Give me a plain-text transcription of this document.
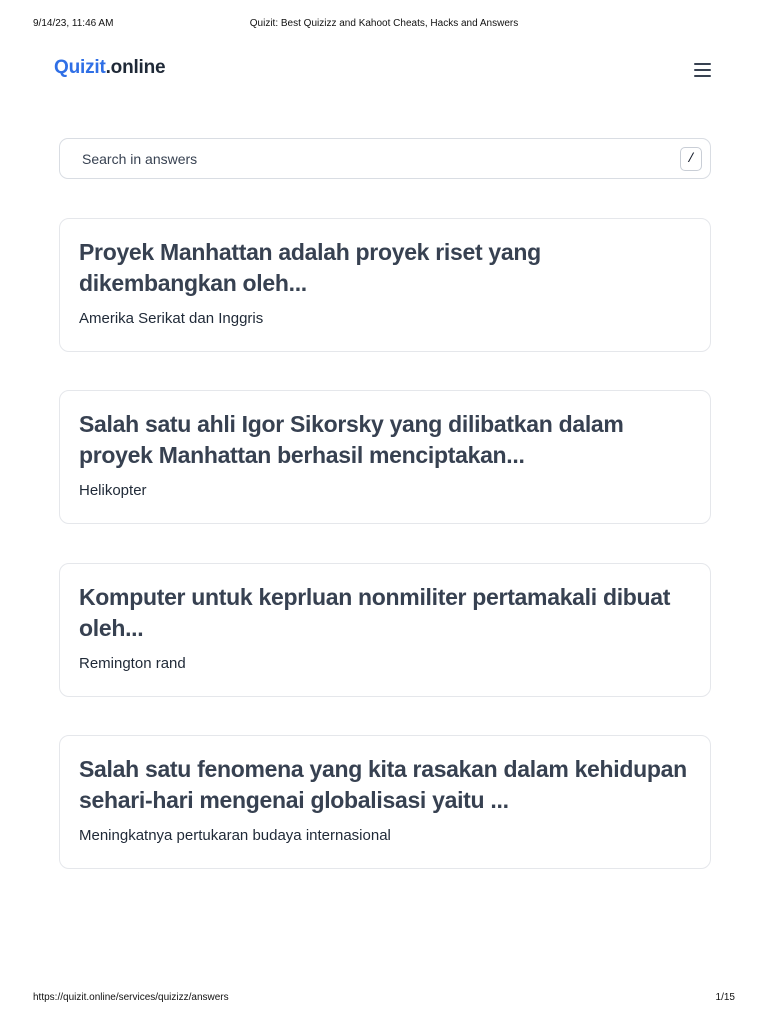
9/14/23, 11:46 AM	Quizit: Best Quizizz and Kahoot Cheats, Hacks and Answers
Quizit.online
Search in answers
/
Proyek Manhattan adalah proyek riset yang dikembangkan oleh...
Amerika Serikat dan Inggris
Salah satu ahli Igor Sikorsky yang dilibatkan dalam proyek Manhattan berhasil menciptakan...
Helikopter
Komputer untuk keprluan nonmiliter pertamakali dibuat oleh...
Remington rand
Salah satu fenomena yang kita rasakan dalam kehidupan sehari-hari mengenai globalisasi yaitu ...
Meningkatnya pertukaran budaya internasional
https://quizit.online/services/quizizz/answers	1/15
